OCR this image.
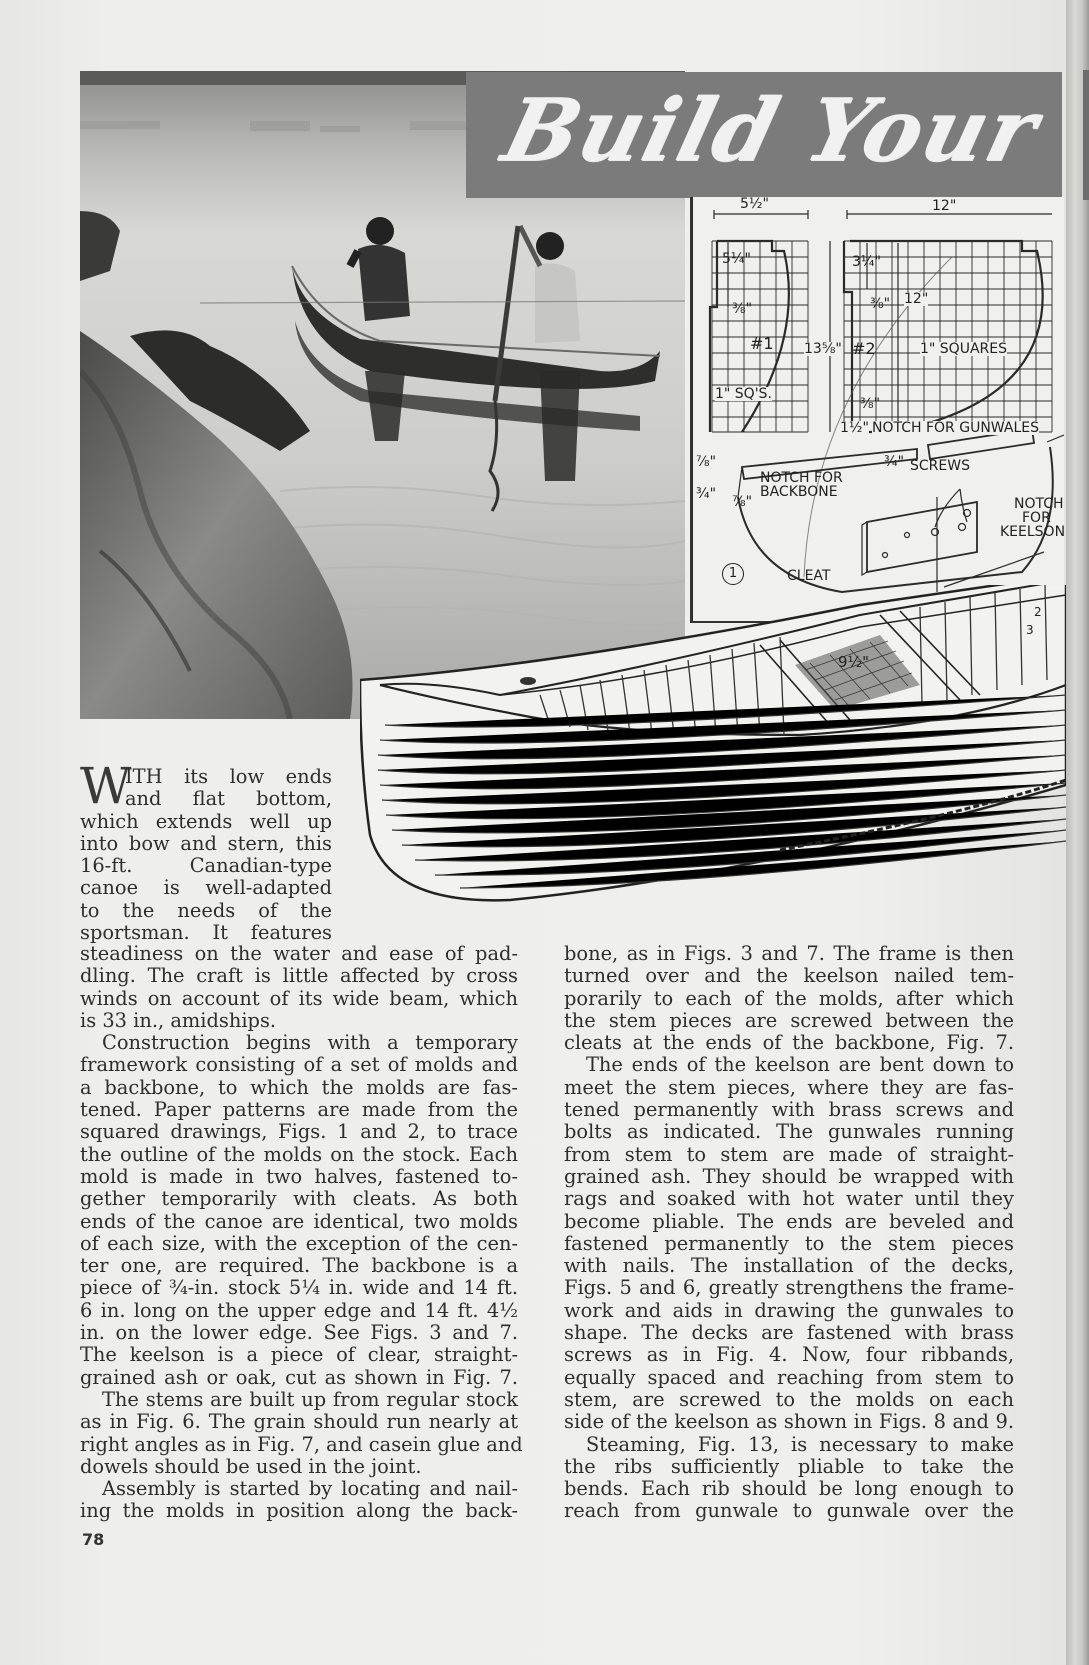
Build Your
5½"
5¼"
⅜"
#1
1" SQ'S.
13⅝"
12"
3¼"
⅜" 12"
#2	1" SQUARES
⅜"
1½" NOTCH FOR GUNWALES
⅞"
¾" ⅞"
NOTCH FOR
BACKBONE
¾" SCREWS
NOTCH
FOR
KEELSON
CLEAT
1
9½"
2
3
W
ITH its low ends
and flat bottom,
which extends well up
into bow and stern, this
16-ft. Canadian-type
canoe is well-adapted
to the needs of the
sportsman. It features
steadiness on the water and ease of pad-
dling. The craft is little affected by cross
winds on account of its wide beam, which
is 33 in., amidships.
Construction begins with a temporary
framework consisting of a set of molds and
a backbone, to which the molds are fas-
tened. Paper patterns are made from the
squared drawings, Figs. 1 and 2, to trace
the outline of the molds on the stock. Each
mold is made in two halves, fastened to-
gether temporarily with cleats. As both
ends of the canoe are identical, two molds
of each size, with the exception of the cen-
ter one, are required. The backbone is a
piece of ¾-in. stock 5¼ in. wide and 14 ft.
6 in. long on the upper edge and 14 ft. 4½
in. on the lower edge. See Figs. 3 and 7.
The keelson is a piece of clear, straight-
grained ash or oak, cut as shown in Fig. 7.
The stems are built up from regular stock
as in Fig. 6. The grain should run nearly at
right angles as in Fig. 7, and casein glue and
dowels should be used in the joint.
Assembly is started by locating and nail-
ing the molds in position along the back-
bone, as in Figs. 3 and 7. The frame is then
turned over and the keelson nailed tem-
porarily to each of the molds, after which
the stem pieces are screwed between the
cleats at the ends of the backbone, Fig. 7.
The ends of the keelson are bent down to
meet the stem pieces, where they are fas-
tened permanently with brass screws and
bolts as indicated. The gunwales running
from stem to stem are made of straight-
grained ash. They should be wrapped with
rags and soaked with hot water until they
become pliable. The ends are beveled and
fastened permanently to the stem pieces
with nails. The installation of the decks,
Figs. 5 and 6, greatly strengthens the frame-
work and aids in drawing the gunwales to
shape. The decks are fastened with brass
screws as in Fig. 4. Now, four ribbands,
equally spaced and reaching from stem to
stem, are screwed to the molds on each
side of the keelson as shown in Figs. 8 and 9.
Steaming, Fig. 13, is necessary to make
the ribs sufficiently pliable to take the
bends. Each rib should be long enough to
reach from gunwale to gunwale over the
78
